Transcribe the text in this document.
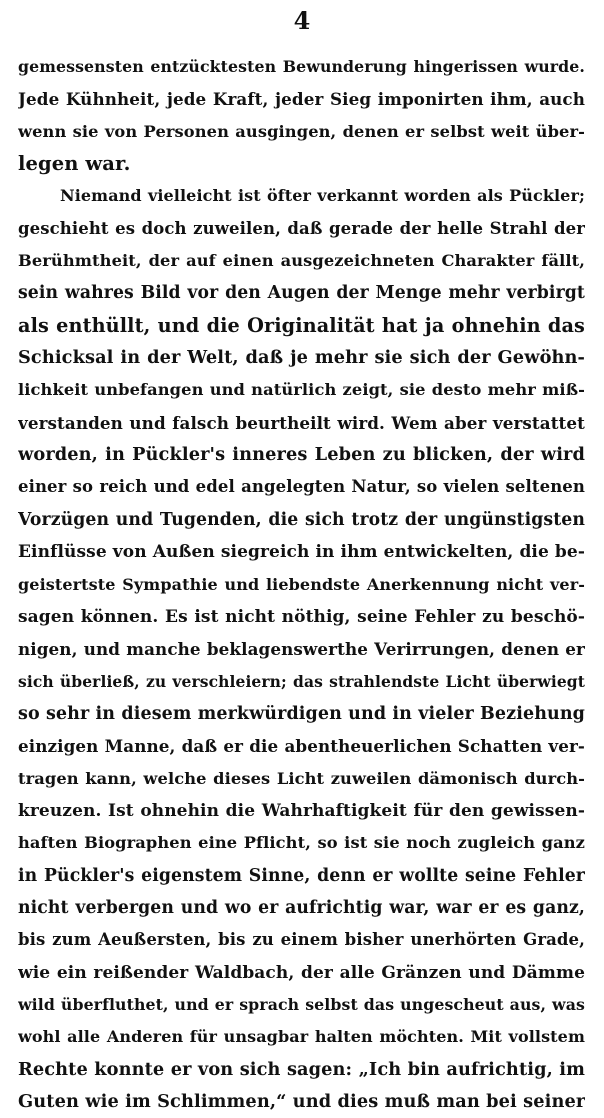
4
gemessensten entzücktesten Bewunderung hingerissen wurde.
Jede Kühnheit, jede Kraft, jeder Sieg imponirten ihm, auch
wenn sie von Personen ausgingen, denen er selbst weit über-
legen war.
Niemand vielleicht ist öfter verkannt worden als Pückler;
geschieht es doch zuweilen, daß gerade der helle Strahl der
Berühmtheit, der auf einen ausgezeichneten Charakter fällt,
sein wahres Bild vor den Augen der Menge mehr verbirgt
als enthüllt, und die Originalität hat ja ohnehin das
Schicksal in der Welt, daß je mehr sie sich der Gewöhn-
lichkeit unbefangen und natürlich zeigt, sie desto mehr miß-
verstanden und falsch beurtheilt wird. Wem aber verstattet
worden, in Pückler's inneres Leben zu blicken, der wird
einer so reich und edel angelegten Natur, so vielen seltenen
Vorzügen und Tugenden, die sich trotz der ungünstigsten
Einflüsse von Außen siegreich in ihm entwickelten, die be-
geistertste Sympathie und liebendste Anerkennung nicht ver-
sagen können. Es ist nicht nöthig, seine Fehler zu beschö-
nigen, und manche beklagenswerthe Verirrungen, denen er
sich überließ, zu verschleiern; das strahlendste Licht überwiegt
so sehr in diesem merkwürdigen und in vieler Beziehung
einzigen Manne, daß er die abentheuerlichen Schatten ver-
tragen kann, welche dieses Licht zuweilen dämonisch durch-
kreuzen. Ist ohnehin die Wahrhaftigkeit für den gewissen-
haften Biographen eine Pflicht, so ist sie noch zugleich ganz
in Pückler's eigenstem Sinne, denn er wollte seine Fehler
nicht verbergen und wo er aufrichtig war, war er es ganz,
bis zum Aeußersten, bis zu einem bisher unerhörten Grade,
wie ein reißender Waldbach, der alle Gränzen und Dämme
wild überfluthet, und er sprach selbst das ungescheut aus, was
wohl alle Anderen für unsagbar halten möchten. Mit vollstem
Rechte konnte er von sich sagen: „Ich bin aufrichtig, im
Guten wie im Schlimmen,“ und dies muß man bei seiner
